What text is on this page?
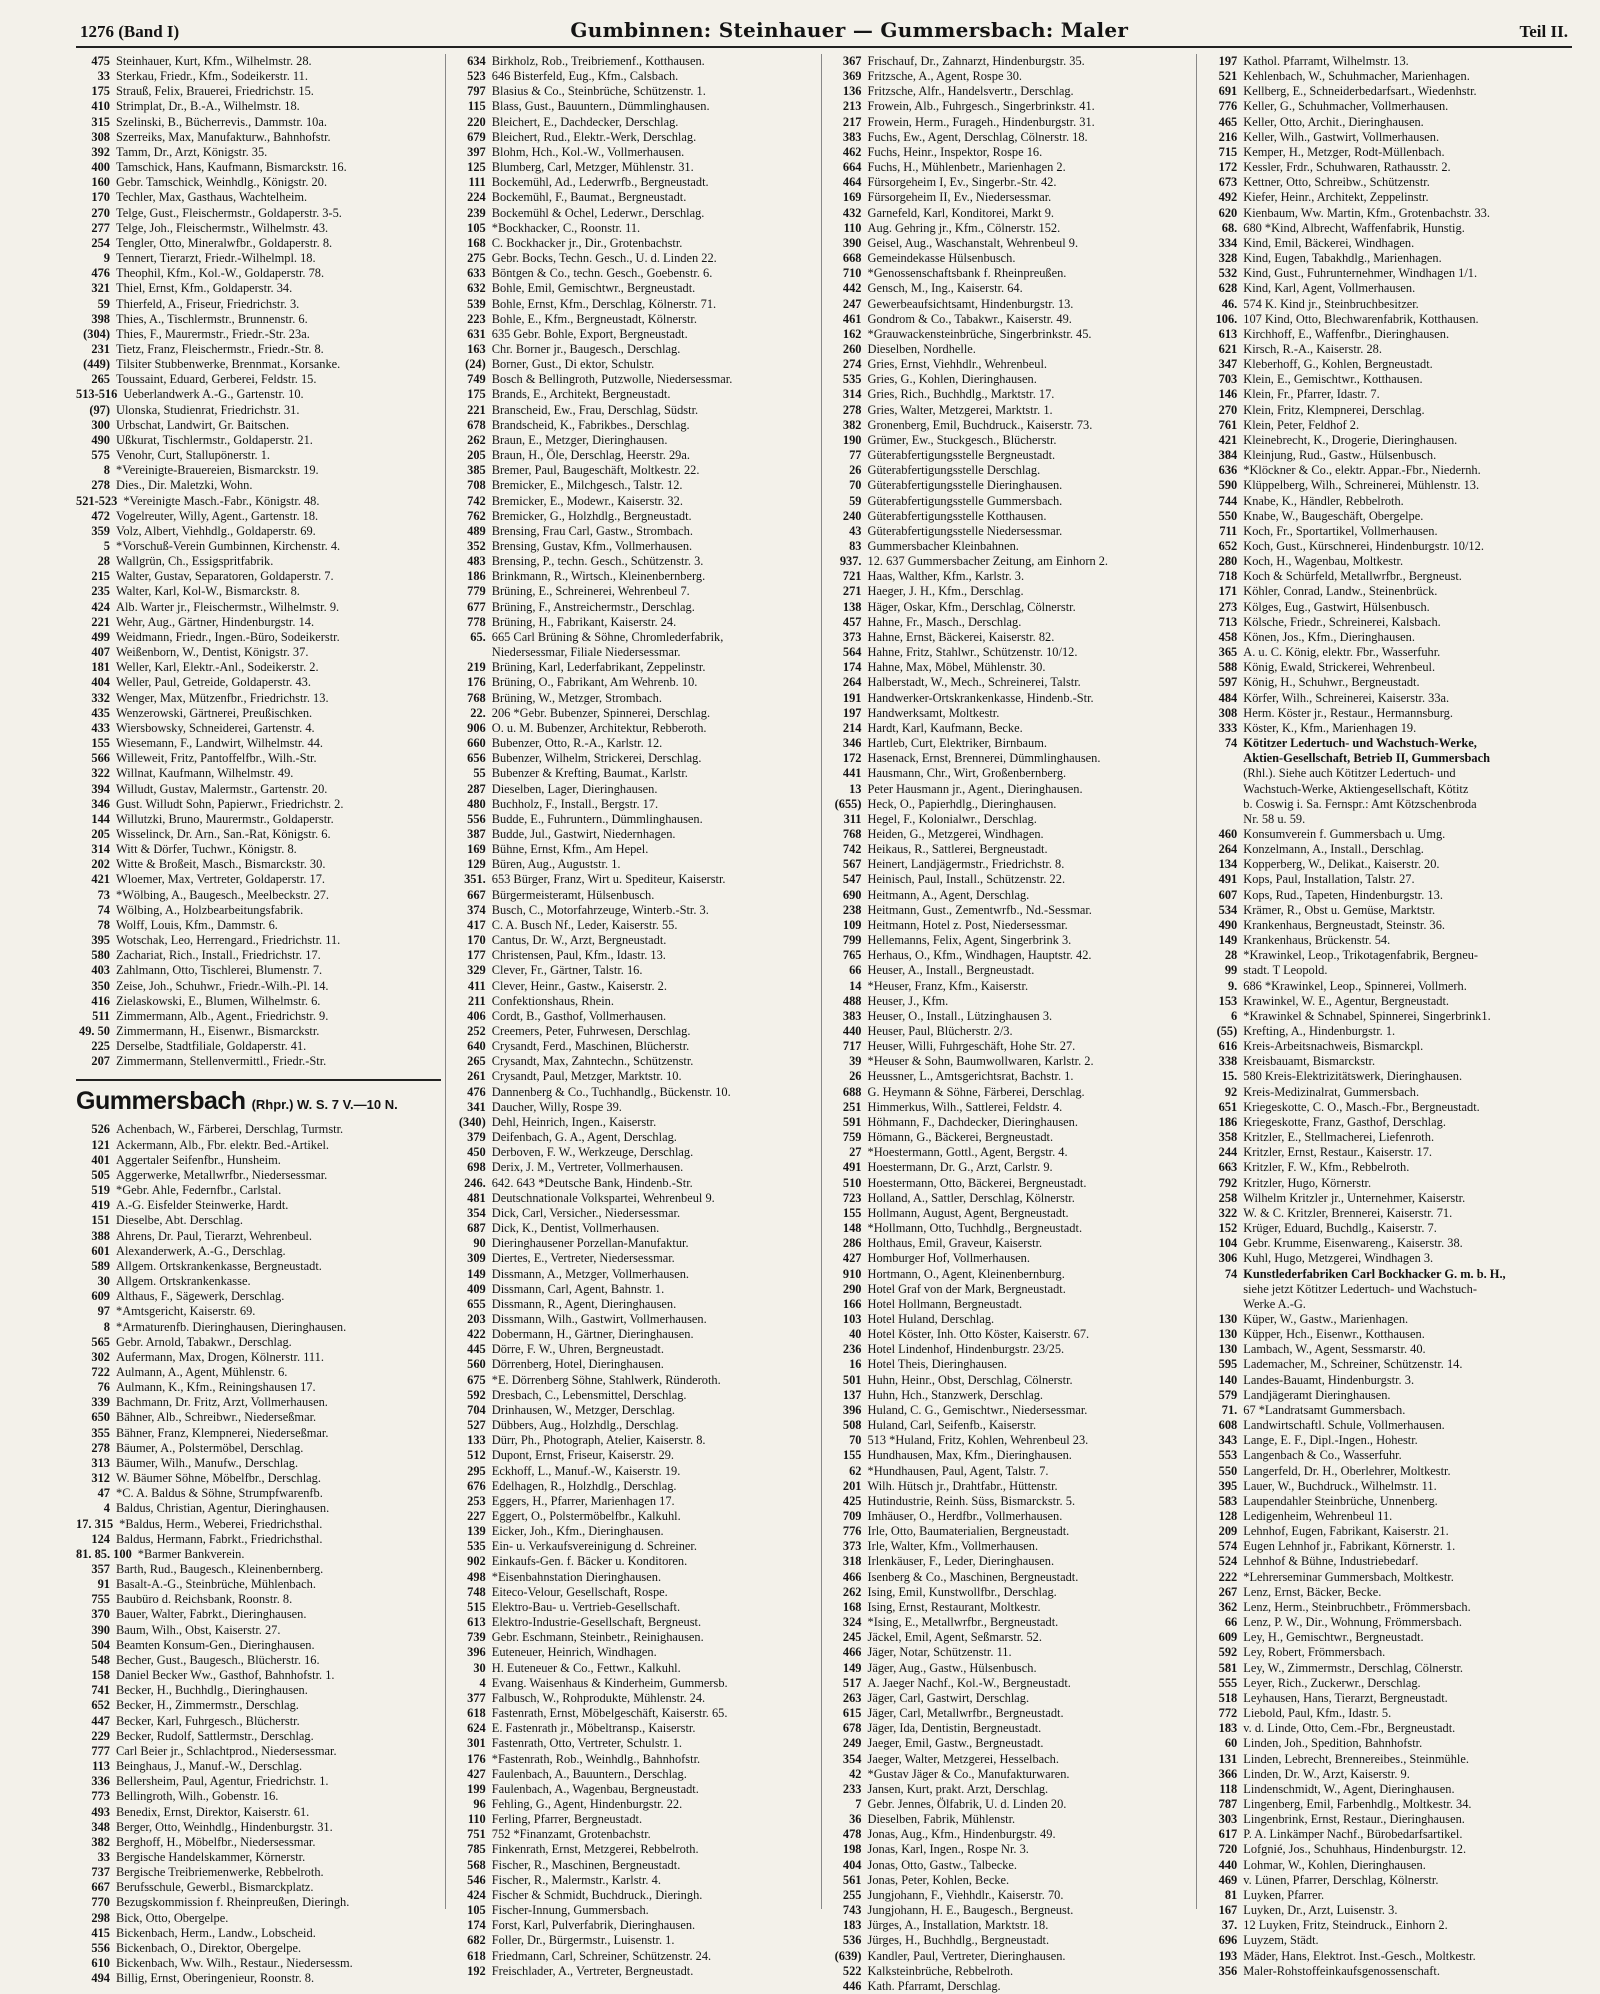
1276 (Band I)	Gumbinnen: Steinhauer — Gummersbach: Maler	Teil II.
475 Steinhauer, Kurt, Kfm., Wilhelmstr. 28.
33 Sterkau, Friedr., Kfm., Sodeikerstr. 11.
175 Strauß, Felix, Brauerei, Friedrichstr. 15.
410 Strimplat, Dr., B.-A., Wilhelmstr. 18.
315 Szelinski, B., Bücherrevis., Dammstr. 10a.
308 Szerreiks, Max, Manufakturw., Bahnhofstr.
392 Tamm, Dr., Arzt, Königstr. 35.
400 Tamschick, Hans, Kaufmann, Bismarckstr. 16.
160 Gebr. Tamschick, Weinhdlg., Königstr. 20.
170 Techler, Max, Gasthaus, Wachtelheim.
270 Telge, Gust., Fleischermstr., Goldaperstr. 3-5.
277 Telge, Joh., Fleischermstr., Wilhelmstr. 43.
254 Tengler, Otto, Mineralwfbr., Goldaperstr. 8.
9 Tennert, Tierarzt, Friedr.-Wilhelmpl. 18.
476 Theophil, Kfm., Kol.-W., Goldaperstr. 78.
321 Thiel, Ernst, Kfm., Goldaperstr. 34.
59 Thierfeld, A., Friseur, Friedrichstr. 3.
398 Thies, A., Tischlermstr., Brunnenstr. 6.
(304) Thies, F., Maurermstr., Friedr.-Str. 23a.
231 Tietz, Franz, Fleischermstr., Friedr.-Str. 8.
(449) Tilsiter Stubbenwerke, Brennmat., Korsanke.
265 Toussaint, Eduard, Gerberei, Feldstr. 15.
513-516 Ueberlandwerk A.-G., Gartenstr. 10.
(97) Ulonska, Studienrat, Friedrichstr. 31.
300 Urbschat, Landwirt, Gr. Baitschen.
490 Ußkurat, Tischlermstr., Goldaperstr. 21.
575 Venohr, Curt, Stallupönerstr. 1.
8 *Vereinigte-Brauereien, Bismarckstr. 19.
278 Dies., Dir. Maletzki, Wohn.
521-523 *Vereinigte Masch.-Fabr., Königstr. 48.
472 Vogelreuter, Willy, Agent., Gartenstr. 18.
359 Volz, Albert, Viehhdlg., Goldaperstr. 69.
5 *Vorschuß-Verein Gumbinnen, Kirchenstr. 4.
28 Wallgrün, Ch., Essigspritfabrik.
215 Walter, Gustav, Separatoren, Goldaperstr. 7.
235 Walter, Karl, Kol-W., Bismarckstr. 8.
424 Alb. Warter jr., Fleischermstr., Wilhelmstr. 9.
221 Wehr, Aug., Gärtner, Hindenburgstr. 14.
499 Weidmann, Friedr., Ingen.-Büro, Sodeikerstr.
407 Weißenborn, W., Dentist, Königstr. 37.
181 Weller, Karl, Elektr.-Anl., Sodeikerstr. 2.
404 Weller, Paul, Getreide, Goldaperstr. 43.
332 Wenger, Max, Mützenfbr., Friedrichstr. 13.
435 Wenzerowski, Gärtnerei, Preußischken.
433 Wiersbowsky, Schneiderei, Gartenstr. 4.
155 Wiesemann, F., Landwirt, Wilhelmstr. 44.
566 Willeweit, Fritz, Pantoffelfbr., Wilh.-Str.
322 Willnat, Kaufmann, Wilhelmstr. 49.
394 Willudt, Gustav, Malermstr., Gartenstr. 20.
346 Gust. Willudt Sohn, Papierwr., Friedrichstr. 2.
144 Willutzki, Bruno, Maurermstr., Goldaperstr.
205 Wisselinck, Dr. Arn., San.-Rat, Königstr. 6.
314 Witt & Dörfer, Tuchwr., Königstr. 8.
202 Witte & Broßeit, Masch., Bismarckstr. 30.
421 Wloemer, Max, Vertreter, Goldaperstr. 17.
73 *Wölbing, A., Baugesch., Meelbeckstr. 27.
74 Wölbing, A., Holzbearbeitungsfabrik.
78 Wolff, Louis, Kfm., Dammstr. 6.
395 Wotschak, Leo, Herrengard., Friedrichstr. 11.
580 Zachariat, Rich., Install., Friedrichstr. 17.
403 Zahlmann, Otto, Tischlerei, Blumenstr. 7.
350 Zeise, Joh., Schuhwr., Friedr.-Wilh.-Pl. 14.
416 Zielaskowski, E., Blumen, Wilhelmstr. 6.
511 Zimmermann, Alb., Agent., Friedrichstr. 9.
49. 50 Zimmermann, H., Eisenwr., Bismarckstr.
225 Derselbe, Stadtfiliale, Goldaperstr. 41.
207 Zimmermann, Stellenvermittl., Friedr.-Str.
Gummersbach (Rhpr.) W. S. 7 V.—10 N.
526 Achenbach, W., Färberei, Derschlag, Turmstr.
121 Ackermann, Alb., Fbr. elektr. Bed.-Artikel.
401 Aggertaler Seifenfbr., Hunsheim.
505 Aggerwerke, Metallwrfbr., Niedersessmar.
519 *Gebr. Ahle, Federnfbr., Carlstal.
419 A.-G. Eisfelder Steinwerke, Hardt.
151 Dieselbe, Abt. Derschlag.
388 Ahrens, Dr. Paul, Tierarzt, Wehrenbeul.
601 Alexanderwerk, A.-G., Derschlag.
589 Allgem. Ortskrankenkasse, Bergneustadt.
30 Allgem. Ortskrankenkasse.
609 Althaus, F., Sägewerk, Derschlag.
97 *Amtsgericht, Kaiserstr. 69.
8 *Armaturenfb. Dieringhausen, Dieringhausen.
565 Gebr. Arnold, Tabakwr., Derschlag.
302 Aufermann, Max, Drogen, Kölnerstr. 111.
722 Aulmann, A., Agent, Mühlenstr. 6.
76 Aulmann, K., Kfm., Reiningshausen 17.
339 Bachmann, Dr. Fritz, Arzt, Vollmerhausen.
650 Bähner, Alb., Schreibwr., Niederseßmar.
355 Bähner, Franz, Klempnerei, Niederseßmar.
278 Bäumer, A., Polstermöbel, Derschlag.
313 Bäumer, Wilh., Manufw., Derschlag.
312 W. Bäumer Söhne, Möbelfbr., Derschlag.
47 *C. A. Baldus & Söhne, Strumpfwarenfb.
4 Baldus, Christian, Agentur, Dieringhausen.
17. 315 *Baldus, Herm., Weberei, Friedrichsthal.
124 Baldus, Hermann, Fabrkt., Friedrichsthal.
81. 85. 100 *Barmer Bankverein.
357 Barth, Rud., Baugesch., Kleinenbernberg.
91 Basalt-A.-G., Steinbrüche, Mühlenbach.
755 Baubüro d. Reichsbank, Roonstr. 8.
370 Bauer, Walter, Fabrkt., Dieringhausen.
390 Baum, Wilh., Obst, Kaiserstr. 27.
504 Beamten Konsum-Gen., Dieringhausen.
548 Becher, Gust., Baugesch., Blücherstr. 16.
158 Daniel Becker Ww., Gasthof, Bahnhofstr. 1.
741 Becker, H., Buchhdlg., Dieringhausen.
652 Becker, H., Zimmermstr., Derschlag.
447 Becker, Karl, Fuhrgesch., Blücherstr.
229 Becker, Rudolf, Sattlermstr., Derschlag.
777 Carl Beier jr., Schlachtprod., Niedersessmar.
113 Beinghaus, J., Manuf.-W., Derschlag.
336 Bellersheim, Paul, Agentur, Friedrichstr. 1.
773 Bellingroth, Wilh., Gobenstr. 16.
493 Benedix, Ernst, Direktor, Kaiserstr. 61.
348 Berger, Otto, Weinhdlg., Hindenburgstr. 31.
382 Berghoff, H., Möbelfbr., Niedersessmar.
33 Bergische Handelskammer, Körnerstr.
737 Bergische Treibriemenwerke, Rebbelroth.
667 Berufsschule, Gewerbl., Bismarckplatz.
770 Bezugskommission f. Rheinpreußen, Dieringh.
298 Bick, Otto, Obergelpe.
415 Bickenbach, Herm., Landw., Lobscheid.
556 Bickenbach, O., Direktor, Obergelpe.
610 Bickenbach, Ww. Wilh., Restaur., Niedersessm.
494 Billig, Ernst, Oberingenieur, Roonstr. 8.
634 Birkholz, Rob., Treibriemenf., Kotthausen.
523 646 Bisterfeld, Eug., Kfm., Calsbach.
797 Blasius & Co., Steinbrüche, Schützenstr. 1.
115 Blass, Gust., Bauuntern., Dümmlinghausen.
220 Bleichert, E., Dachdecker, Derschlag.
679 Bleichert, Rud., Elektr.-Werk, Derschlag.
397 Blohm, Hch., Kol.-W., Vollmerhausen.
125 Blumberg, Carl, Metzger, Mühlenstr. 31.
111 Bockemühl, Ad., Lederwrfb., Bergneustadt.
224 Bockemühl, F., Baumat., Bergneustadt.
239 Bockemühl & Ochel, Lederwr., Derschlag.
105 *Bockhacker, C., Roonstr. 11.
168 C. Bockhacker jr., Dir., Grotenbachstr.
275 Gebr. Bocks, Techn. Gesch., U. d. Linden 22.
633 Böntgen & Co., techn. Gesch., Goebenstr. 6.
632 Bohle, Emil, Gemischtwr., Bergneustadt.
539 Bohle, Ernst, Kfm., Derschlag, Kölnerstr. 71.
223 Bohle, E., Kfm., Bergneustadt, Kölnerstr.
631 635 Gebr. Bohle, Export, Bergneustadt.
163 Chr. Borner jr., Baugesch., Derschlag.
(24) Borner, Gust., Di ektor, Schulstr.
749 Bosch & Bellingroth, Putzwolle, Niedersessmar.
175 Brands, E., Architekt, Bergneustadt.
221 Branscheid, Ew., Frau, Derschlag, Südstr.
678 Brandscheid, K., Fabrikbes., Derschlag.
262 Braun, E., Metzger, Dieringhausen.
205 Braun, H., Öle, Derschlag, Heerstr. 29a.
385 Bremer, Paul, Baugeschäft, Moltkestr. 22.
708 Bremicker, E., Milchgesch., Talstr. 12.
742 Bremicker, E., Modewr., Kaiserstr. 32.
762 Bremicker, G., Holzhdlg., Bergneustadt.
489 Brensing, Frau Carl, Gastw., Strombach.
352 Brensing, Gustav, Kfm., Vollmerhausen.
483 Brensing, P., techn. Gesch., Schützenstr. 3.
186 Brinkmann, R., Wirtsch., Kleinenbernberg.
779 Brüning, E., Schreinerei, Wehrenbeul 7.
677 Brüning, F., Anstreichermstr., Derschlag.
778 Brüning, H., Fabrikant, Kaiserstr. 24.
65. 665 Carl Brüning & Söhne, Chromlederfabrik,
Niedersessmar, Filiale Niedersessmar.
219 Brüning, Karl, Lederfabrikant, Zeppelinstr.
176 Brüning, O., Fabrikant, Am Wehrenb. 10.
768 Brüning, W., Metzger, Strombach.
22. 206 *Gebr. Bubenzer, Spinnerei, Derschlag.
906 O. u. M. Bubenzer, Architektur, Rebberoth.
660 Bubenzer, Otto, R.-A., Karlstr. 12.
656 Bubenzer, Wilhelm, Strickerei, Derschlag.
55 Bubenzer & Krefting, Baumat., Karlstr.
287 Dieselben, Lager, Dieringhausen.
480 Buchholz, F., Install., Bergstr. 17.
556 Budde, E., Fuhruntern., Dümmlinghausen.
387 Budde, Jul., Gastwirt, Niedernhagen.
169 Bühne, Ernst, Kfm., Am Hepel.
129 Büren, Aug., Auguststr. 1.
351. 653 Bürger, Franz, Wirt u. Spediteur, Kaiserstr.
667 Bürgermeisteramt, Hülsenbusch.
374 Busch, C., Motorfahrzeuge, Winterb.-Str. 3.
417 C. A. Busch Nf., Leder, Kaiserstr. 55.
170 Cantus, Dr. W., Arzt, Bergneustadt.
177 Christensen, Paul, Kfm., Idastr. 13.
329 Clever, Fr., Gärtner, Talstr. 16.
411 Clever, Heinr., Gastw., Kaiserstr. 2.
211 Confektionshaus, Rhein.
406 Cordt, B., Gasthof, Vollmerhausen.
252 Creemers, Peter, Fuhrwesen, Derschlag.
640 Crysandt, Ferd., Maschinen, Blücherstr.
265 Crysandt, Max, Zahntechn., Schützenstr.
261 Crysandt, Paul, Metzger, Marktstr. 10.
476 Dannenberg & Co., Tuchhandlg., Bückenstr. 10.
341 Daucher, Willy, Rospe 39.
(340) Dehl, Heinrich, Ingen., Kaiserstr.
379 Deifenbach, G. A., Agent, Derschlag.
450 Derboven, F. W., Werkzeuge, Derschlag.
698 Derix, J. M., Vertreter, Vollmerhausen.
246. 642. 643 *Deutsche Bank, Hindenb.-Str.
481 Deutschnationale Volkspartei, Wehrenbeul 9.
354 Dick, Carl, Versicher., Niedersessmar.
687 Dick, K., Dentist, Vollmerhausen.
90 Dieringhausener Porzellan-Manufaktur.
309 Diertes, E., Vertreter, Niedersessmar.
149 Dissmann, A., Metzger, Vollmerhausen.
409 Dissmann, Carl, Agent, Bahnstr. 1.
655 Dissmann, R., Agent, Dieringhausen.
203 Dissmann, Wilh., Gastwirt, Vollmerhausen.
422 Dobermann, H., Gärtner, Dieringhausen.
445 Dörre, F. W., Uhren, Bergneustadt.
560 Dörrenberg, Hotel, Dieringhausen.
675 *E. Dörrenberg Söhne, Stahlwerk, Ründeroth.
592 Dresbach, C., Lebensmittel, Derschlag.
704 Drinhausen, W., Metzger, Derschlag.
527 Dübbers, Aug., Holzhdlg., Derschlag.
133 Dürr, Ph., Photograph, Atelier, Kaiserstr. 8.
512 Dupont, Ernst, Friseur, Kaiserstr. 29.
295 Eckhoff, L., Manuf.-W., Kaiserstr. 19.
676 Edelhagen, R., Holzhdlg., Derschlag.
253 Eggers, H., Pfarrer, Marienhagen 17.
227 Eggert, O., Polstermöbelfbr., Kalkuhl.
139 Eicker, Joh., Kfm., Dieringhausen.
535 Ein- u. Verkaufsvereinigung d. Schreiner.
902 Einkaufs-Gen. f. Bäcker u. Konditoren.
498 *Eisenbahnstation Dieringhausen.
748 Eiteco-Velour, Gesellschaft, Rospe.
515 Elektro-Bau- u. Vertrieb-Gesellschaft.
613 Elektro-Industrie-Gesellschaft, Bergneust.
739 Gebr. Eschmann, Steinbetr., Reinighausen.
396 Euteneuer, Heinrich, Windhagen.
30 H. Euteneuer & Co., Fettwr., Kalkuhl.
4 Evang. Waisenhaus & Kinderheim, Gummersb.
377 Falbusch, W., Rohprodukte, Mühlenstr. 24.
618 Fastenrath, Ernst, Möbelgeschäft, Kaiserstr. 65.
624 E. Fastenrath jr., Möbeltransp., Kaiserstr.
301 Fastenrath, Otto, Vertreter, Schulstr. 1.
176 *Fastenrath, Rob., Weinhdlg., Bahnhofstr.
427 Faulenbach, A., Bauuntern., Derschlag.
199 Faulenbach, A., Wagenbau, Bergneustadt.
96 Fehling, G., Agent, Hindenburgstr. 22.
110 Ferling, Pfarrer, Bergneustadt.
751 752 *Finanzamt, Grotenbachstr.
785 Finkenrath, Ernst, Metzgerei, Rebbelroth.
568 Fischer, R., Maschinen, Bergneustadt.
546 Fischer, R., Malermstr., Karlstr. 4.
424 Fischer & Schmidt, Buchdruck., Dieringh.
105 Fischer-Innung, Gummersbach.
174 Forst, Karl, Pulverfabrik, Dieringhausen.
682 Foller, Dr., Bürgermstr., Luisenstr. 1.
618 Friedmann, Carl, Schreiner, Schützenstr. 24.
192 Freischlader, A., Vertreter, Bergneustadt.
367 Frischauf, Dr., Zahnarzt, Hindenburgstr. 35.
369 Fritzsche, A., Agent, Rospe 30.
136 Fritzsche, Alfr., Handelsvertr., Derschlag.
213 Frowein, Alb., Fuhrgesch., Singerbrinkstr. 41.
217 Frowein, Herm., Furagеh., Hindenburgstr. 31.
383 Fuchs, Ew., Agent, Derschlag, Cölnerstr. 18.
462 Fuchs, Heinr., Inspektor, Rospe 16.
664 Fuchs, H., Mühlenbetr., Marienhagen 2.
464 Fürsorgeheim I, Ev., Singerbr.-Str. 42.
169 Fürsorgeheim II, Ev., Niedersessmar.
432 Garnefeld, Karl, Konditorei, Markt 9.
110 Aug. Gehring jr., Kfm., Cölnerstr. 152.
390 Geisel, Aug., Waschanstalt, Wehrenbeul 9.
668 Gemeindekasse Hülsenbusch.
710 *Genossenschaftsbank f. Rheinpreußen.
442 Gensch, M., Ing., Kaiserstr. 64.
247 Gewerbeaufsichtsamt, Hindenburgstr. 13.
461 Gondrom & Co., Tabakwr., Kaiserstr. 49.
162 *Grauwackensteinbrüche, Singerbrinkstr. 45.
260 Dieselben, Nordhelle.
274 Gries, Ernst, Viehhdlr., Wehrenbeul.
535 Gries, G., Kohlen, Dieringhausen.
314 Gries, Rich., Buchhdlg., Marktstr. 17.
278 Gries, Walter, Metzgerei, Marktstr. 1.
382 Gronenberg, Emil, Buchdruck., Kaiserstr. 73.
190 Grümer, Ew., Stuckgesch., Blücherstr.
77 Güterabfertigungsstelle Bergneustadt.
26 Güterabfertigungsstelle Derschlag.
70 Güterabfertigungsstelle Dieringhausen.
59 Güterabfertigungsstelle Gummersbach.
240 Güterabfertigungsstelle Kotthausen.
43 Güterabfertigungsstelle Niedersessmar.
83 Gummersbacher Kleinbahnen.
937. 12. 637 Gummersbacher Zeitung, am Einhorn 2.
721 Haas, Walther, Kfm., Karlstr. 3.
271 Haeger, J. H., Kfm., Derschlag.
138 Häger, Oskar, Kfm., Derschlag, Cölnerstr.
457 Hahne, Fr., Masch., Derschlag.
373 Hahne, Ernst, Bäckerei, Kaiserstr. 82.
564 Hahne, Fritz, Stahlwr., Schützenstr. 10/12.
174 Hahne, Max, Möbel, Mühlenstr. 30.
264 Halberstadt, W., Mech., Schreinerei, Talstr.
191 Handwerker-Ortskrankenkasse, Hindenb.-Str.
197 Handwerksamt, Moltkestr.
214 Hardt, Karl, Kaufmann, Becke.
346 Hartleb, Curt, Elektriker, Birnbaum.
172 Hasenack, Ernst, Brennerei, Dümmlinghausen.
441 Hausmann, Chr., Wirt, Großenbernberg.
13 Peter Hausmann jr., Agent., Dieringhausen.
(655) Heck, O., Papierhdlg., Dieringhausen.
311 Hegel, F., Kolonialwr., Derschlag.
768 Heiden, G., Metzgerei, Windhagen.
742 Heikaus, R., Sattlerei, Bergneustadt.
567 Heinert, Landjägermstr., Friedrichstr. 8.
547 Heinisch, Paul, Install., Schützenstr. 22.
690 Heitmann, A., Agent, Derschlag.
238 Heitmann, Gust., Zementwrfb., Nd.-Sessmar.
109 Heitmann, Hotel z. Post, Niedersessmar.
799 Hellemanns, Felix, Agent, Singerbrink 3.
765 Herhaus, O., Kfm., Windhagen, Hauptstr. 42.
66 Heuser, A., Install., Bergneustadt.
14 *Heuser, Franz, Kfm., Kaiserstr.
488 Heuser, J., Kfm.
383 Heuser, O., Install., Lützinghausen 3.
440 Heuser, Paul, Blücherstr. 2/3.
717 Heuser, Willi, Fuhrgeschäft, Hohe Str. 27.
39 *Heuser & Sohn, Baumwollwaren, Karlstr. 2.
26 Heussner, L., Amtsgerichtsrat, Bachstr. 1.
688 G. Heymann & Söhne, Färberei, Derschlag.
251 Himmerkus, Wilh., Sattlerei, Feldstr. 4.
591 Höhmann, F., Dachdecker, Dieringhausen.
759 Hömann, G., Bäckerei, Bergneustadt.
27 *Hoestermann, Gottl., Agent, Bergstr. 4.
491 Hoestermann, Dr. G., Arzt, Carlstr. 9.
510 Hoestermann, Otto, Bäckerei, Bergneustadt.
723 Holland, A., Sattler, Derschlag, Kölnerstr.
155 Hollmann, August, Agent, Bergneustadt.
148 *Hollmann, Otto, Tuchhdlg., Bergneustadt.
286 Holthaus, Emil, Graveur, Kaiserstr.
427 Homburger Hof, Vollmerhausen.
910 Hortmann, O., Agent, Kleinenbernburg.
290 Hotel Graf von der Mark, Bergneustadt.
166 Hotel Hollmann, Bergneustadt.
103 Hotel Huland, Derschlag.
40 Hotel Köster, Inh. Otto Köster, Kaiserstr. 67.
236 Hotel Lindenhof, Hindenburgstr. 23/25.
16 Hotel Theis, Dieringhausen.
501 Huhn, Heinr., Obst, Derschlag, Cölnerstr.
137 Huhn, Hch., Stanzwerk, Derschlag.
396 Huland, C. G., Gemischtwr., Niedersessmar.
508 Huland, Carl, Seifenfb., Kaiserstr.
70 513 *Huland, Fritz, Kohlen, Wehrenbeul 23.
155 Hundhausen, Max, Kfm., Dieringhausen.
62 *Hundhausen, Paul, Agent, Talstr. 7.
201 Wilh. Hütsch jr., Drahtfabr., Hüttenstr.
425 Hutindustrie, Reinh. Süss, Bismarckstr. 5.
709 Imhäuser, O., Herdfbr., Vollmerhausen.
776 Irle, Otto, Baumaterialien, Bergneustadt.
373 Irle, Walter, Kfm., Vollmerhausen.
318 Irlenkäuser, F., Leder, Dieringhausen.
466 Isenberg & Co., Maschinen, Bergneustadt.
262 Ising, Emil, Kunstwollfbr., Derschlag.
168 Ising, Ernst, Restaurant, Moltkestr.
324 *Ising, E., Metallwrfbr., Bergneustadt.
245 Jäckel, Emil, Agent, Seßmarstr. 52.
466 Jäger, Notar, Schützenstr. 11.
149 Jäger, Aug., Gastw., Hülsenbusch.
517 A. Jaeger Nachf., Kol.-W., Bergneustadt.
263 Jäger, Carl, Gastwirt, Derschlag.
615 Jäger, Carl, Metallwrfbr., Bergneustadt.
678 Jäger, Ida, Dentistin, Bergneustadt.
249 Jaeger, Emil, Gastw., Bergneustadt.
354 Jaeger, Walter, Metzgerei, Hesselbach.
42 *Gustav Jäger & Co., Manufakturwaren.
233 Jansen, Kurt, prakt. Arzt, Derschlag.
7 Gebr. Jennes, Ölfabrik, U. d. Linden 20.
36 Dieselben, Fabrik, Mühlenstr.
478 Jonas, Aug., Kfm., Hindenburgstr. 49.
198 Jonas, Karl, Ingen., Rospe Nr. 3.
404 Jonas, Otto, Gastw., Talbecke.
561 Jonas, Peter, Kohlen, Becke.
255 Jungjohann, F., Viehhdlr., Kaiserstr. 70.
743 Jungjohann, H. E., Baugesch., Bergneust.
183 Jürges, A., Installation, Marktstr. 18.
536 Jürges, H., Buchhdlg., Bergneustadt.
(639) Kandler, Paul, Vertreter, Dieringhausen.
522 Kalksteinbrüche, Rebbelroth.
446 Kath. Pfarramt, Derschlag.
197 Kathol. Pfarramt, Wilhelmstr. 13.
521 Kehlenbach, W., Schuhmacher, Marienhagen.
691 Kellberg, E., Schneiderbedarfsart., Wiedenhstr.
776 Keller, G., Schuhmacher, Vollmerhausen.
465 Keller, Otto, Archit., Dieringhausen.
216 Keller, Wilh., Gastwirt, Vollmerhausen.
715 Kemper, H., Metzger, Rodt-Müllenbach.
172 Kessler, Frdr., Schuhwaren, Rathausstr. 2.
673 Kettner, Otto, Schreibw., Schützenstr.
492 Kiefer, Heinr., Architekt, Zeppelinstr.
620 Kienbaum, Ww. Martin, Kfm., Grotenbachstr. 33.
68. 680 *Kind, Albrecht, Waffenfabrik, Hunstig.
334 Kind, Emil, Bäckerei, Windhagen.
328 Kind, Eugen, Tabakhdlg., Marienhagen.
532 Kind, Gust., Fuhrunternehmer, Windhagen 1/1.
628 Kind, Karl, Agent, Vollmerhausen.
46. 574 K. Kind jr., Steinbruchbesitzer.
106. 107 Kind, Otto, Blechwarenfabrik, Kotthausen.
613 Kirchhoff, E., Waffenfbr., Dieringhausen.
621 Kirsch, R.-A., Kaiserstr. 28.
347 Kleberhoff, G., Kohlen, Bergneustadt.
703 Klein, E., Gemischtwr., Kotthausen.
146 Klein, Fr., Pfarrer, Idastr. 7.
270 Klein, Fritz, Klempnerei, Derschlag.
761 Klein, Peter, Feldhof 2.
421 Kleinebrecht, K., Drogerie, Dieringhausen.
384 Kleinjung, Rud., Gastw., Hülsenbusch.
636 *Klöckner & Co., elektr. Appar.-Fbr., Niedernh.
590 Klüppelberg, Wilh., Schreinerei, Mühlenstr. 13.
744 Knabe, K., Händler, Rebbelroth.
550 Knabe, W., Baugeschäft, Obergelpe.
711 Koch, Fr., Sportartikel, Vollmerhausen.
652 Koch, Gust., Kürschnerei, Hindenburgstr. 10/12.
280 Koch, H., Wagenbau, Moltkestr.
718 Koch & Schürfeld, Metallwrfbr., Bergneust.
171 Köhler, Conrad, Landw., Steinenbrück.
273 Kölges, Eug., Gastwirt, Hülsenbusch.
713 Kölsche, Friedr., Schreinerei, Kalsbach.
458 Könen, Jos., Kfm., Dieringhausen.
365 A. u. C. König, elektr. Fbr., Wasserfuhr.
588 König, Ewald, Strickerei, Wehrenbeul.
597 König, H., Schuhwr., Bergneustadt.
484 Körfer, Wilh., Schreinerei, Kaiserstr. 33a.
308 Herm. Köster jr., Restaur., Hermannsburg.
333 Köster, K., Kfm., Marienhagen 19.
74 Kötitzer Ledertuch- und Wachstuch-Werke,
Aktien-Gesellschaft, Betrieb II, Gummersbach
(Rhl.). Siehe auch Kötitzer Ledertuch- und
Wachstuch-Werke, Aktiengesellschaft, Kötitz
b. Coswig i. Sa. Fernspr.: Amt Kötzschenbroda
Nr. 58 u. 59.
460 Konsumverein f. Gummersbach u. Umg.
264 Konzelmann, A., Install., Derschlag.
134 Kopperberg, W., Delikat., Kaiserstr. 20.
491 Kops, Paul, Installation, Talstr. 27.
607 Kops, Rud., Tapeten, Hindenburgstr. 13.
534 Krämer, R., Obst u. Gemüse, Marktstr.
490 Krankenhaus, Bergneustadt, Steinstr. 36.
149 Krankenhaus, Brückenstr. 54.
28 *Krawinkel, Leop., Trikotagenfabrik, Bergneu-
99 stadt. T Leopold.
9. 686 *Krawinkel, Leop., Spinnerei, Vollmerh.
153 Krawinkel, W. E., Agentur, Bergneustadt.
6 *Krawinkel & Schnabel, Spinnerei, Singerbrink1.
(55) Krefting, A., Hindenburgstr. 1.
616 Kreis-Arbeitsnachweis, Bismarckpl.
338 Kreisbauamt, Bismarckstr.
15. 580 Kreis-Elektrizitätswerk, Dieringhausen.
92 Kreis-Medizinalrat, Gummersbach.
651 Kriegeskotte, C. O., Masch.-Fbr., Bergneustadt.
186 Kriegeskotte, Franz, Gasthof, Derschlag.
358 Kritzler, E., Stellmacherei, Liefenroth.
244 Kritzler, Ernst, Restaur., Kaiserstr. 17.
663 Kritzler, F. W., Kfm., Rebbelroth.
792 Kritzler, Hugo, Körnerstr.
258 Wilhelm Kritzler jr., Unternehmer, Kaiserstr.
322 W. & C. Kritzler, Brennerei, Kaiserstr. 71.
152 Krüger, Eduard, Buchdlg., Kaiserstr. 7.
104 Gebr. Krumme, Eisenwareng., Kaiserstr. 38.
306 Kuhl, Hugo, Metzgerei, Windhagen 3.
74 Kunstlederfabriken Carl Bockhacker G. m. b. H.,
siehe jetzt Kötitzer Ledertuch- und Wachstuch-
Werke A.-G.
130 Küper, W., Gastw., Marienhagen.
130 Küpper, Hch., Eisenwr., Kotthausen.
130 Lambach, W., Agent, Sessmarstr. 40.
595 Lademacher, M., Schreiner, Schützenstr. 14.
140 Landes-Bauamt, Hindenburgstr. 3.
579 Landjägeramt Dieringhausen.
71. 67 *Landratsamt Gummersbach.
608 Landwirtschaftl. Schule, Vollmerhausen.
343 Lange, E. F., Dipl.-Ingen., Hohestr.
553 Langenbach & Co., Wasserfuhr.
550 Langerfeld, Dr. H., Oberlehrer, Moltkestr.
395 Lauer, W., Buchdruck., Wilhelmstr. 11.
583 Laupendahler Steinbrüche, Unnenberg.
128 Ledigenheim, Wehrenbeul 11.
209 Lehnhof, Eugen, Fabrikant, Kaiserstr. 21.
574 Eugen Lehnhof jr., Fabrikant, Körnerstr. 1.
524 Lehnhof & Bühne, Industriebedarf.
222 *Lehrerseminar Gummersbach, Moltkestr.
267 Lenz, Ernst, Bäcker, Becke.
362 Lenz, Herm., Steinbruchbetr., Frömmersbach.
66 Lenz, P. W., Dir., Wohnung, Frömmersbach.
609 Ley, H., Gemischtwr., Bergneustadt.
592 Ley, Robert, Frömmersbach.
581 Ley, W., Zimmermstr., Derschlag, Cölnerstr.
555 Leyer, Rich., Zuckerwr., Derschlag.
518 Leyhausen, Hans, Tierarzt, Bergneustadt.
772 Liebold, Paul, Kfm., Idastr. 5.
183 v. d. Linde, Otto, Cem.-Fbr., Bergneustadt.
60 Linden, Joh., Spedition, Bahnhofstr.
131 Linden, Lebrecht, Brennereibes., Steinmühle.
366 Linden, Dr. W., Arzt, Kaiserstr. 9.
118 Lindenschmidt, W., Agent, Dieringhausen.
787 Lingenberg, Emil, Farbenhdlg., Moltkestr. 34.
303 Lingenbrink, Ernst, Restaur., Dieringhausen.
617 P. A. Linkämper Nachf., Bürobedarfsartikel.
720 Lofgnié, Jos., Schuhhaus, Hindenburgstr. 12.
440 Lohmar, W., Kohlen, Dieringhausen.
469 v. Lünen, Pfarrer, Derschlag, Kölnerstr.
81 Luyken, Pfarrer.
167 Luyken, Dr., Arzt, Luisenstr. 3.
37. 12 Luyken, Fritz, Steindruck., Einhorn 2.
696 Luyzem, Städt.
193 Mäder, Hans, Elektrot. Inst.-Gesch., Moltkestr.
356 Maler-Rohstoffeinkaufsgenossenschaft.
